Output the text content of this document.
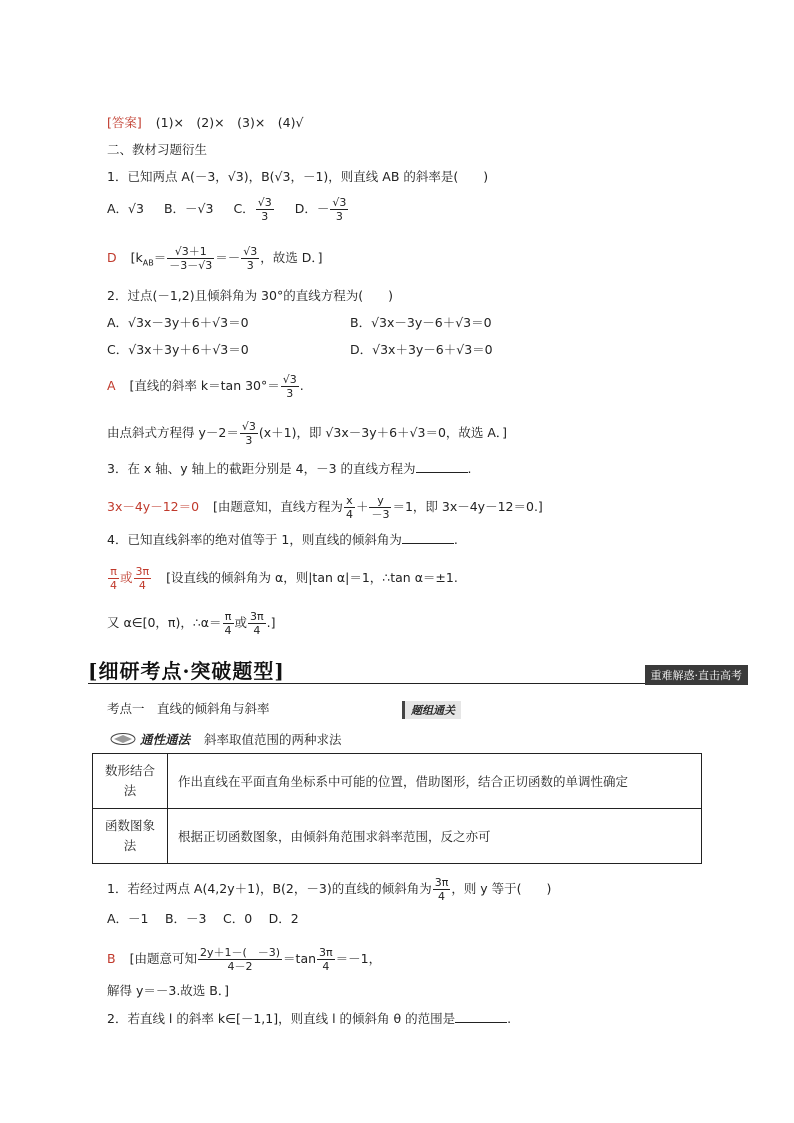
[答案] (1)×　(2)×　(3)×　(4)√
二、教材习题衍生
1．已知两点 A(－3，√3)，B(√3，－1)，则直线 AB 的斜率是(　　)
A．√3 B．－√3 C． $\frac{√3}{3}$ D．－ $\frac{√3}{3}$
D [$k_{AB}= \frac{√3+1}{-3-√3} =- \frac{√3}{3}$ ，故选 D．]
2．过点(－1,2)且倾斜角为 30°的直线方程为(　　)
A．√3x－3y＋6＋√3＝0	B．√3x－3y－6＋√3＝0
C．√3x＋3y＋6＋√3＝0	D．√3x＋3y－6＋√3＝0
A [直线的斜率 k＝tan $30^\circ= \frac{√3}{3}$ .
由点斜式方程得 $y-2= \frac{√3}{3} (x+1)$，即 √3x－3y＋6＋√3＝0，故选 A．]
3．在 x 轴、y 轴上的截距分别是 4，－3 的直线方程为	.
3x－4y－12＝0 [由题意知，直线方程为 $\frac{x}{4} + \frac{y}{-3} =1$，即 3x－4y－12＝0.]
4．已知直线斜率的绝对值等于 1，则直线的倾斜角为	.
$\frac{\pi}{4}$ 或 $\frac{3\pi}{4}$ [设直线的倾斜角为 α，则|tan α|＝1，∴tan α＝±1.
又 α∈[0，π)，∴α＝ $\frac{\pi}{4}$ 或 $\frac{3\pi}{4}$ .]
[细研考点·突破题型]	重难解惑·直击高考
考点一　直线的倾斜角与斜率	题组通关
通性通法 斜率取值范围的两种求法
数形结合
法	作出直线在平面直角坐标系中可能的位置，借助图形，结合正切函数的单调性确定
函数图象
法	根据正切函数图象，由倾斜角范围求斜率范围，反之亦可
1．若经过两点 A(4,2y＋1)，B(2，－3)的直线的倾斜角为 $\frac{3\pi}{4}$ ，则 y 等于(　　)
A．－1　 B．－3　 C．0　 D．2
B [由题意可知 $\frac{2y+1-( -3)}{4-2} =\tan \frac{3\pi}{4} =-1$，
解得 y＝－3.故选 B．]
2．若直线 l 的斜率 k∈[－1,1]，则直线 l 的倾斜角 θ 的范围是	.
